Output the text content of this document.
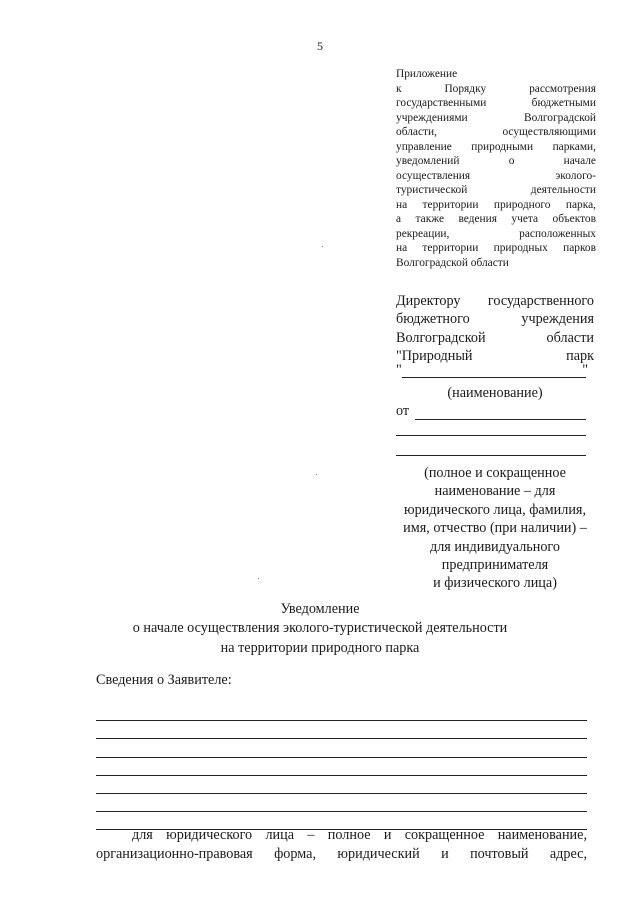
5
Приложение
к Порядку рассмотрения
государственными бюджетными
учреждениями Волгоградской
области, осуществляющими
управление природными парками,
уведомлений о начале
осуществления эколого-
туристической деятельности
на территории природного парка,
а также ведения учета объектов
рекреации, расположенных
на территории природных парков
Волгоградской области
Директору государственного
бюджетного учреждения
Волгоградской области
"Природный парк
"	"
(наименование)
от
(полное и сокращенное
наименование – для
юридического лица, фамилия,
имя, отчество (при наличии) –
для индивидуального
предпринимателя
и физического лица)
Уведомление
о начале осуществления эколого-туристической деятельности
на территории природного парка
Сведения о Заявителе:
для юридического лица – полное и сокращенное наименование,
организационно-правовая форма, юридический и почтовый адрес,
